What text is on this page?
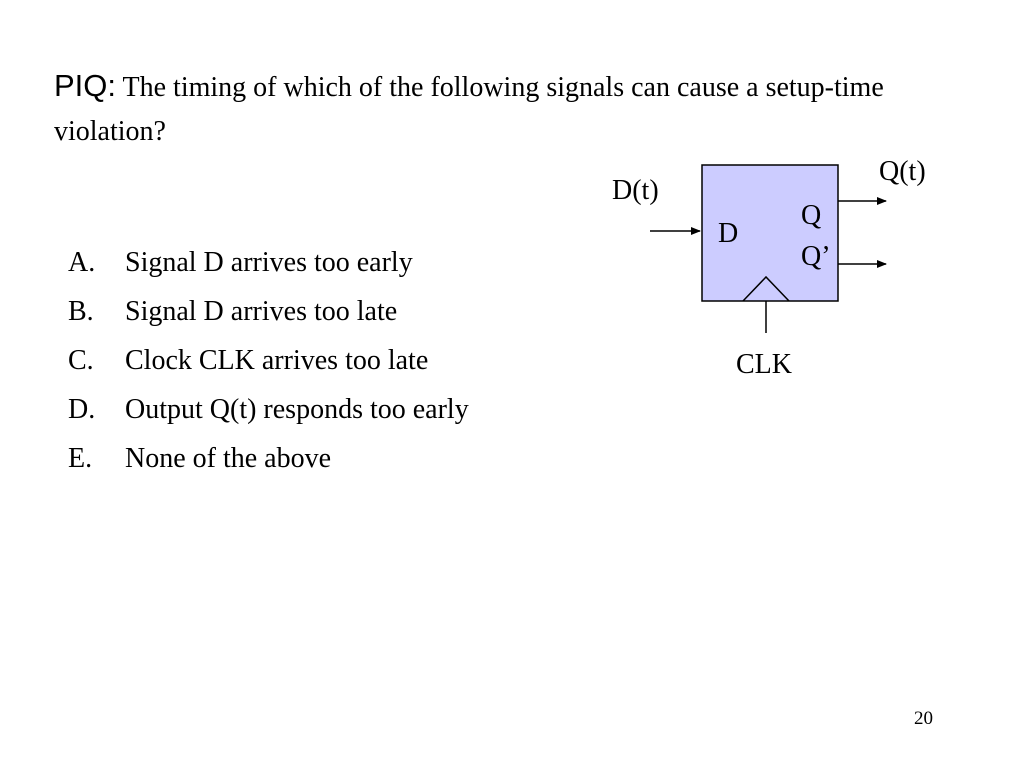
PIQ: The timing of which of the following signals can cause a setup-time violation?
A. Signal D arrives too early
B. Signal D arrives too late
C. Clock CLK arrives too late
D. Output Q(t) responds too early
E. None of the above
D(t)
Q(t)
D
Q
Q’
CLK
20
